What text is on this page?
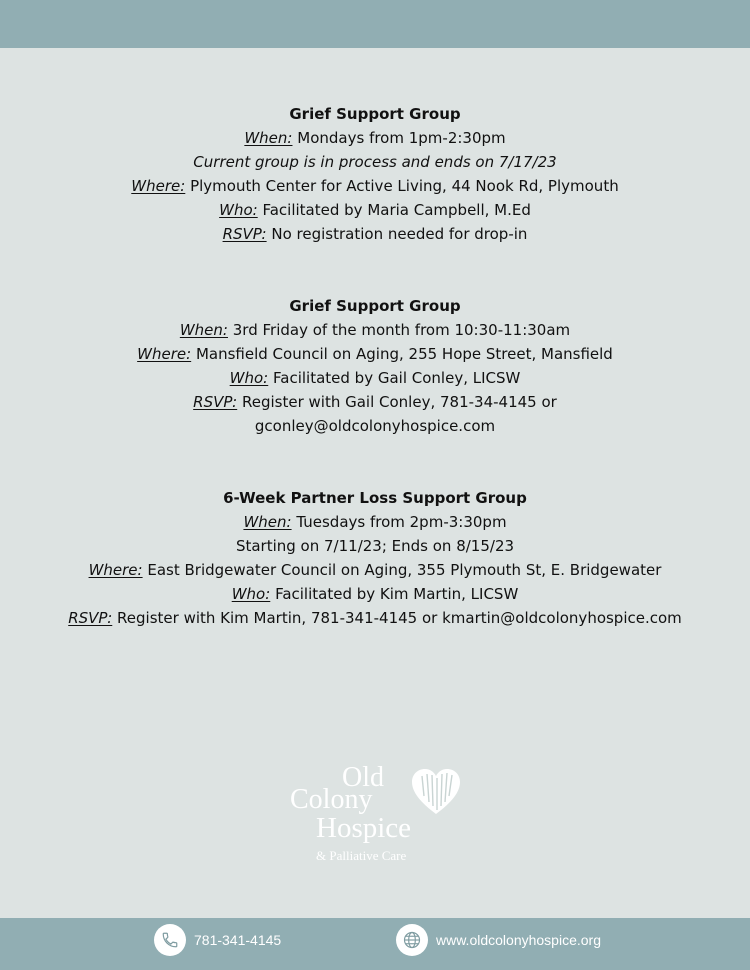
Grief Support Group
When: Mondays from 1pm-2:30pm
Current group is in process and ends on 7/17/23
Where: Plymouth Center for Active Living, 44 Nook Rd, Plymouth
Who: Facilitated by Maria Campbell, M.Ed
RSVP: No registration needed for drop-in
Grief Support Group
When: 3rd Friday of the month from 10:30-11:30am
Where: Mansfield Council on Aging, 255 Hope Street, Mansfield
Who: Facilitated by Gail Conley, LICSW
RSVP: Register with Gail Conley, 781-34-4145 or
gconley@oldcolonyhospice.com
6-Week Partner Loss Support Group
When: Tuesdays from 2pm-3:30pm
Starting on 7/11/23; Ends on 8/15/23
Where: East Bridgewater Council on Aging, 355 Plymouth St, E. Bridgewater
Who: Facilitated by Kim Martin, LICSW
RSVP: Register with Kim Martin, 781-341-4145 or kmartin@oldcolonyhospice.com
Old
Colony
Hospice
& Palliative Care
781-341-4145	www.oldcolonyhospice.org
